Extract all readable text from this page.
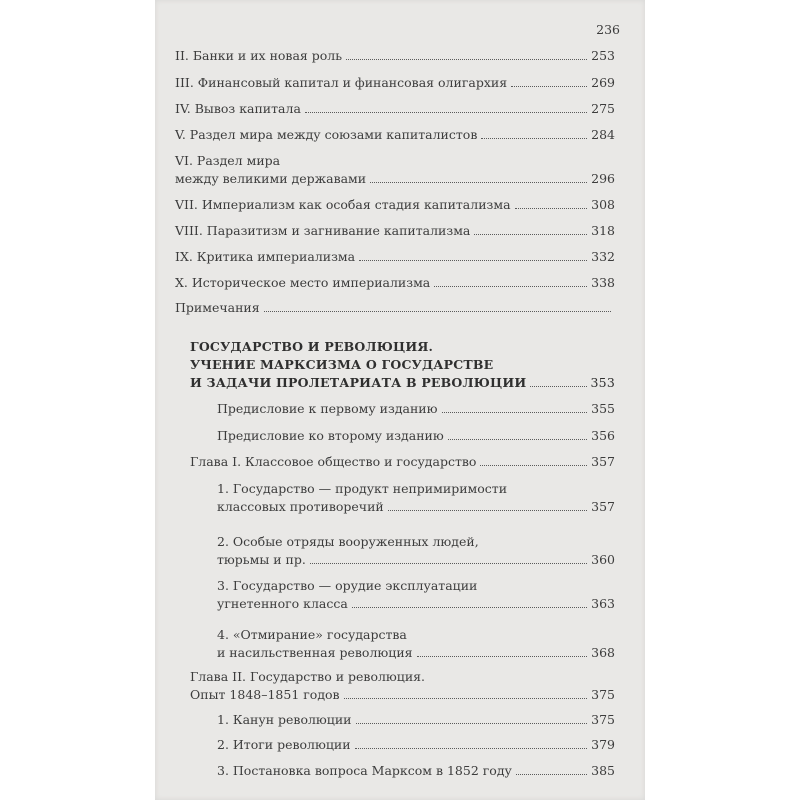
236
II. Банки и их новая роль	253
III. Финансовый капитал и финансовая олигархия	269
IV. Вывоз капитала	275
V. Раздел мира между союзами капиталистов	284
VI. Раздел мира
между великими державами	296
VII. Империализм как особая стадия капитализма	308
VIII. Паразитизм и загнивание капитализма	318
IX. Критика империализма	332
X. Историческое место империализма	338
Примечания
ГОСУДАРСТВО И РЕВОЛЮЦИЯ.
УЧЕНИЕ МАРКСИЗМА О ГОСУДАРСТВЕ
И ЗАДАЧИ ПРОЛЕТАРИАТА В РЕВОЛЮЦИИ	353
Предисловие к первому изданию	355
Предисловие ко второму изданию	356
Глава I. Классовое общество и государство	357
1. Государство — продукт непримиримости
классовых противоречий	357
2. Особые отряды вооруженных людей,
тюрьмы и пр.	360
3. Государство — орудие эксплуатации
угнетенного класса	363
4. «Отмирание» государства
и насильственная революция	368
Глава II. Государство и революция.
Опыт 1848–1851 годов	375
1. Канун революции	375
2. Итоги революции	379
3. Постановка вопроса Марксом в 1852 году	385
